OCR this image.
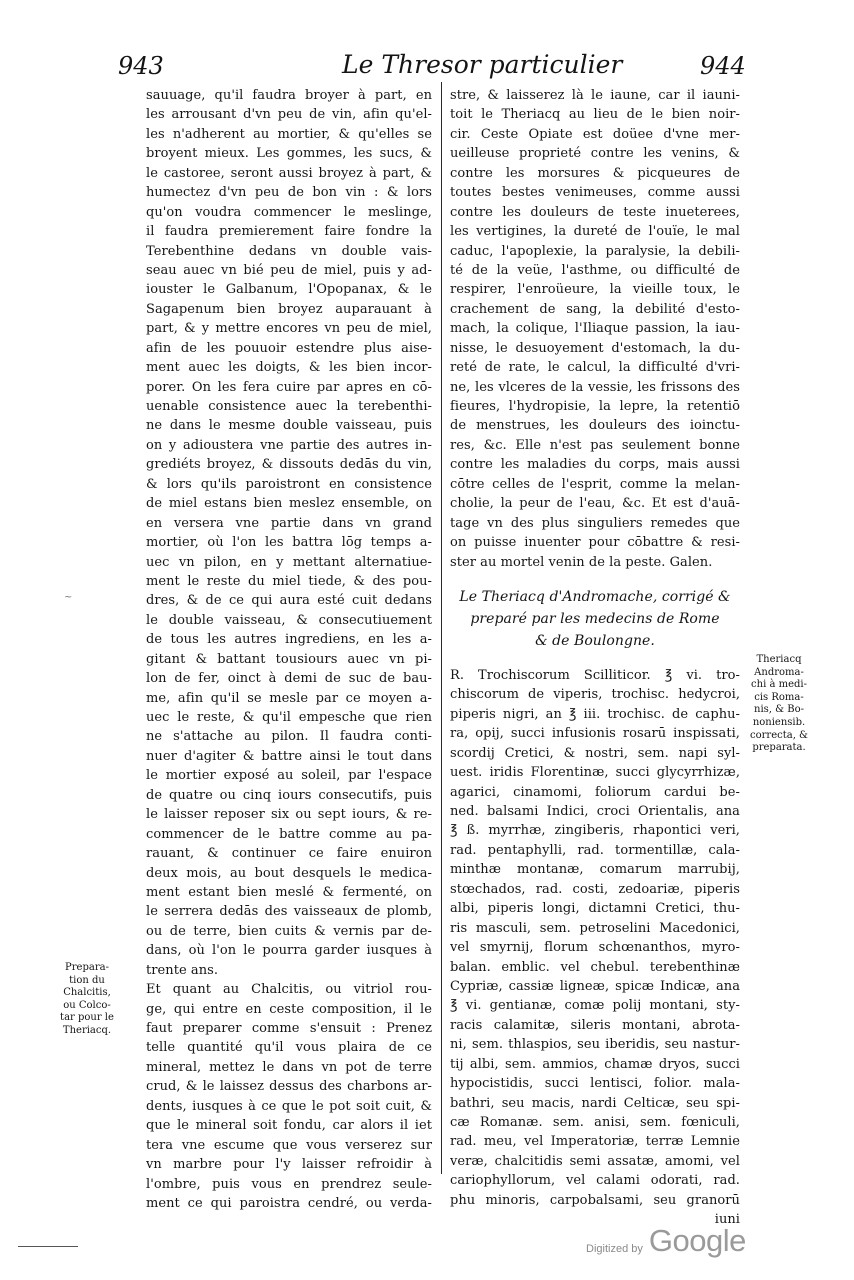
943	Le Thresor particulier	944
sauuage, qu'il faudra broyer à part, en
les arrousant d'vn peu de vin, afin qu'el-
les n'adherent au mortier, & qu'elles se
broyent mieux. Les gommes, les sucs, &
le castoree, seront aussi broyez à part, &
humectez d'vn peu de bon vin : & lors
qu'on voudra commencer le meslinge,
il faudra premierement faire fondre la
Terebenthine dedans vn double vais-
seau auec vn bié peu de miel, puis y ad-
iouster le Galbanum, l'Opopanax, & le
Sagapenum bien broyez auparauant à
part, & y mettre encores vn peu de miel,
afin de les pouuoir estendre plus aise-
ment auec les doigts, & les bien incor-
porer. On les fera cuire par apres en cō-
uenable consistence auec la terebenthi-
ne dans le mesme double vaisseau, puis
on y adioustera vne partie des autres in-
grediéts broyez, & dissouts dedās du vin,
& lors qu'ils paroistront en consistence
de miel estans bien meslez ensemble, on
en versera vne partie dans vn grand
mortier, où l'on les battra lōg temps a-
uec vn pilon, en y mettant alternatiue-
ment le reste du miel tiede, & des pou-
dres, & de ce qui aura esté cuit dedans
le double vaisseau, & consecutiuement
de tous les autres ingrediens, en les a-
gitant & battant tousiours auec vn pi-
lon de fer, oinct à demi de suc de bau-
me, afin qu'il se mesle par ce moyen a-
uec le reste, & qu'il empesche que rien
ne s'attache au pilon. Il faudra conti-
nuer d'agiter & battre ainsi le tout dans
le mortier exposé au soleil, par l'espace
de quatre ou cinq iours consecutifs, puis
le laisser reposer six ou sept iours, & re-
commencer de le battre comme au pa-
rauant, & continuer ce faire enuiron
deux mois, au bout desquels le medica-
ment estant bien meslé & fermenté, on
le serrera dedās des vaisseaux de plomb,
ou de terre, bien cuits & vernis par de-
dans, où l'on le pourra garder iusques à
trente ans.
Et quant au Chalcitis, ou vitriol rou-
ge, qui entre en ceste composition, il le
faut preparer comme s'ensuit : Prenez
telle quantité qu'il vous plaira de ce
mineral, mettez le dans vn pot de terre
crud, & le laissez dessus des charbons ar-
dents, iusques à ce que le pot soit cuit, &
que le mineral soit fondu, car alors il iet
tera vne escume que vous verserez sur
vn marbre pour l'y laisser refroidir à
l'ombre, puis vous en prendrez seule-
ment ce qui paroistra cendré, ou verda-
stre, & laisserez là le iaune, car il iauni-
toit le Theriacq au lieu de le bien noir-
cir. Ceste Opiate est doüee d'vne mer-
ueilleuse proprieté contre les venins, &
contre les morsures & picqueures de
toutes bestes venimeuses, comme aussi
contre les douleurs de teste inueterees,
les vertigines, la dureté de l'ouïe, le mal
caduc, l'apoplexie, la paralysie, la debili-
té de la veüe, l'asthme, ou difficulté de
respirer, l'enroüeure, la vieille toux, le
crachement de sang, la debilité d'esto-
mach, la colique, l'Iliaque passion, la iau-
nisse, le desuoyement d'estomach, la du-
reté de rate, le calcul, la difficulté d'vri-
ne, les vlceres de la vessie, les frissons des
fieures, l'hydropisie, la lepre, la retentiō
de menstrues, les douleurs des ioinctu-
res, &c. Elle n'est pas seulement bonne
contre les maladies du corps, mais aussi
cōtre celles de l'esprit, comme la melan-
cholie, la peur de l'eau, &c. Et est d'auā-
tage vn des plus singuliers remedes que
on puisse inuenter pour cōbattre & resi-
ster au mortel venin de la peste. Galen.
Le Theriacq d'Andromache, corrigé &
preparé par les medecins de Rome
& de Boulongne.
R. Trochiscorum Scilliticor. ℥ vi. tro-
chiscorum de viperis, trochisc. hedycroi,
piperis nigri, an ℥ iii. trochisc. de caphu-
ra, opij, succi infusionis rosarū inspissati,
scordij Cretici, & nostri, sem. napi syl-
uest. iridis Florentinæ, succi glycyrrhizæ,
agarici, cinamomi, foliorum cardui be-
ned. balsami Indici, croci Orientalis, ana
℥ ß. myrrhæ, zingiberis, rhapontici veri,
rad. pentaphylli, rad. tormentillæ, cala-
minthæ montanæ, comarum marrubij,
stœchados, rad. costi, zedoariæ, piperis
albi, piperis longi, dictamni Cretici, thu-
ris masculi, sem. petroselini Macedonici,
vel smyrnij, florum schœnanthos, myro-
balan. emblic. vel chebul. terebenthinæ
Cypriæ, cassiæ ligneæ, spicæ Indicæ, ana
℥ vi. gentianæ, comæ polij montani, sty-
racis calamitæ, sileris montani, abrota-
ni, sem. thlaspios, seu iberidis, seu nastur-
tij albi, sem. ammios, chamæ dryos, succi
hypocistidis, succi lentisci, folior. mala-
bathri, seu macis, nardi Celticæ, seu spi-
cæ Romanæ. sem. anisi, sem. fœniculi,
rad. meu, vel Imperatoriæ, terræ Lemnie
veræ, chalcitidis semi assatæ, amomi, vel
cariophyllorum, vel calami odorati, rad.
phu minoris, carpobalsami, seu granorū
iuni
Prepara-
tion du
Chalcitis,
ou Colco-
tar pour le
Theriacq.
Theriacq
Androma-
chi à medi-
cis Roma-
nis, & Bo-
noniensib.
correcta, &
preparata.
~
Digitized by Google
